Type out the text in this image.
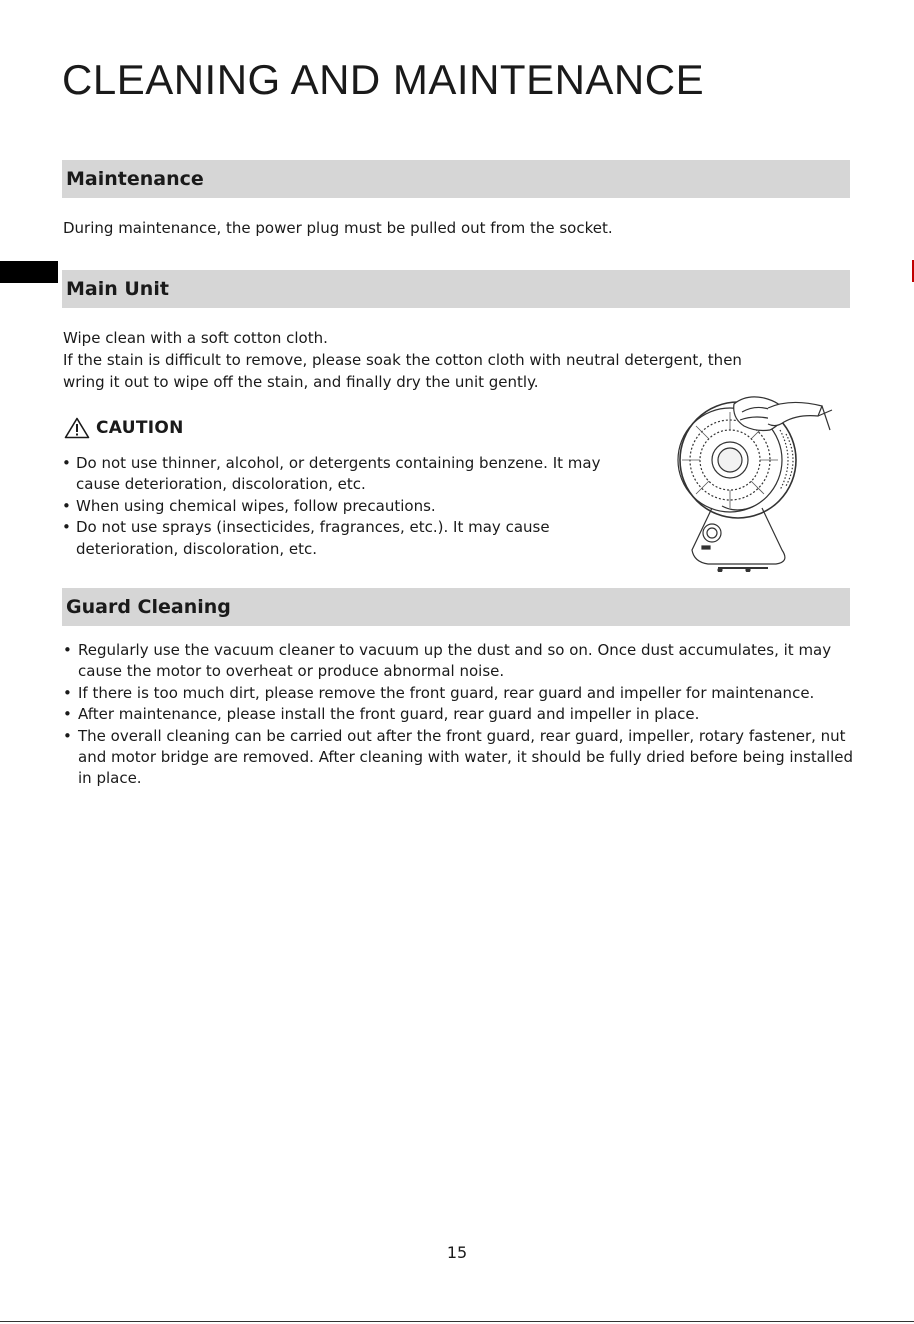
CLEANING AND MAINTENANCE
Maintenance

During maintenance, the power plug must be pulled out from the socket.

Main Unit

Wipe clean with a soft cotton cloth.

If the stain is difficult to remove, please soak the cotton cloth with neutral detergent, then

wring it out to wipe off the stain, and finally dry the unit gently.

CAUTION
• Do not use thinner, alcohol, or detergents containing benzene. It may cause deterioration, discoloration, etc.
• When using chemical wipes, follow precautions.
• Do not use sprays (insecticides, fragrances, etc.). It may cause deterioration, discoloration, etc.
Guard Cleaning
• Regularly use the vacuum cleaner to vacuum up the dust and so on. Once dust accumulates, it may cause the motor to overheat or produce abnormal noise.
• If there is too much dirt, please remove the front guard, rear guard and impeller for maintenance.
• After maintenance, please install the front guard, rear guard and impeller in place.
• The overall cleaning can be carried out after the front guard, rear guard, impeller, rotary fastener, nut and motor bridge are removed. After cleaning with water, it should be fully dried before being installed in place.
15
